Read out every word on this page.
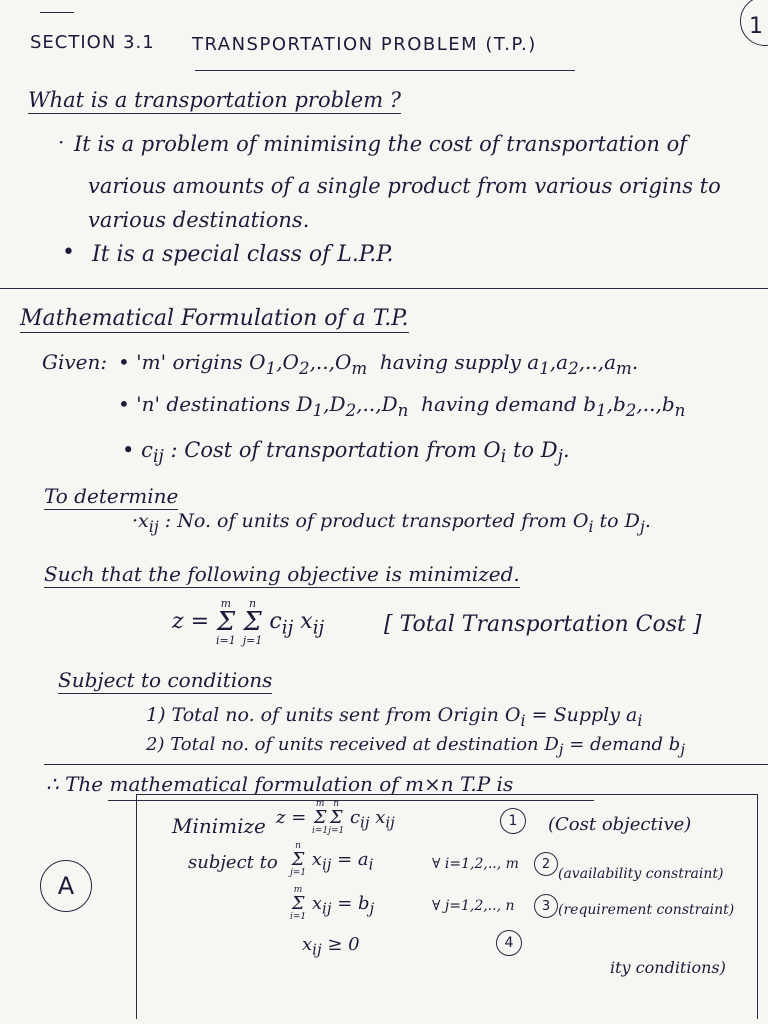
SECTION 3.1 TRANSPORTATION PROBLEM (T.P.)
1
What is a transportation problem ?
· It is a problem of minimising the cost of transportation of
various amounts of a single product from various origins to
various destinations.
• It is a special class of L.P.P.
Mathematical Formulation of a T.P.
Given: • 'm' origins $O_1,O_2,..,O_m$ having supply $a_1,a_2,..,a_m$.
• 'n' destinations $D_1,D_2,..,D_n$ having demand $b_1,b_2,..,b_n$
• $c_{ij}$ : Cost of transportation from $O_i$ to $D_j$.
To determine
$\cdot x_{ij}$ : No. of units of product transported from $O_i$ to $D_j$.
Such that the following objective is minimized.
z =
m
Σ
i=1

n
Σ
j=1
$c_{ij}$ $x_{ij}$	[ Total Transportation Cost ]
Subject to conditions
1) Total no. of units sent from Origin $O_i$ = Supply $a_i$
2) Total no. of units received at destination $D_j$ = demand $b_j$
∴ The mathematical formulation of m×n T.P is
A
Minimize z =
m
Σ
i=1
n
Σ
j=1
$c_{ij}$ $x_{ij}$	1 (Cost objective)
subject to
n
Σ
j=1
$x_{ij} = a_i$	∀ i=1,2,.., m 2
(availability constraint)
m
Σ
i=1
$x_{ij} = b_j$	∀ j=1,2,.., n 3 (requirement constraint)
$x_{ij} \ge 0$	4
ity conditions)
